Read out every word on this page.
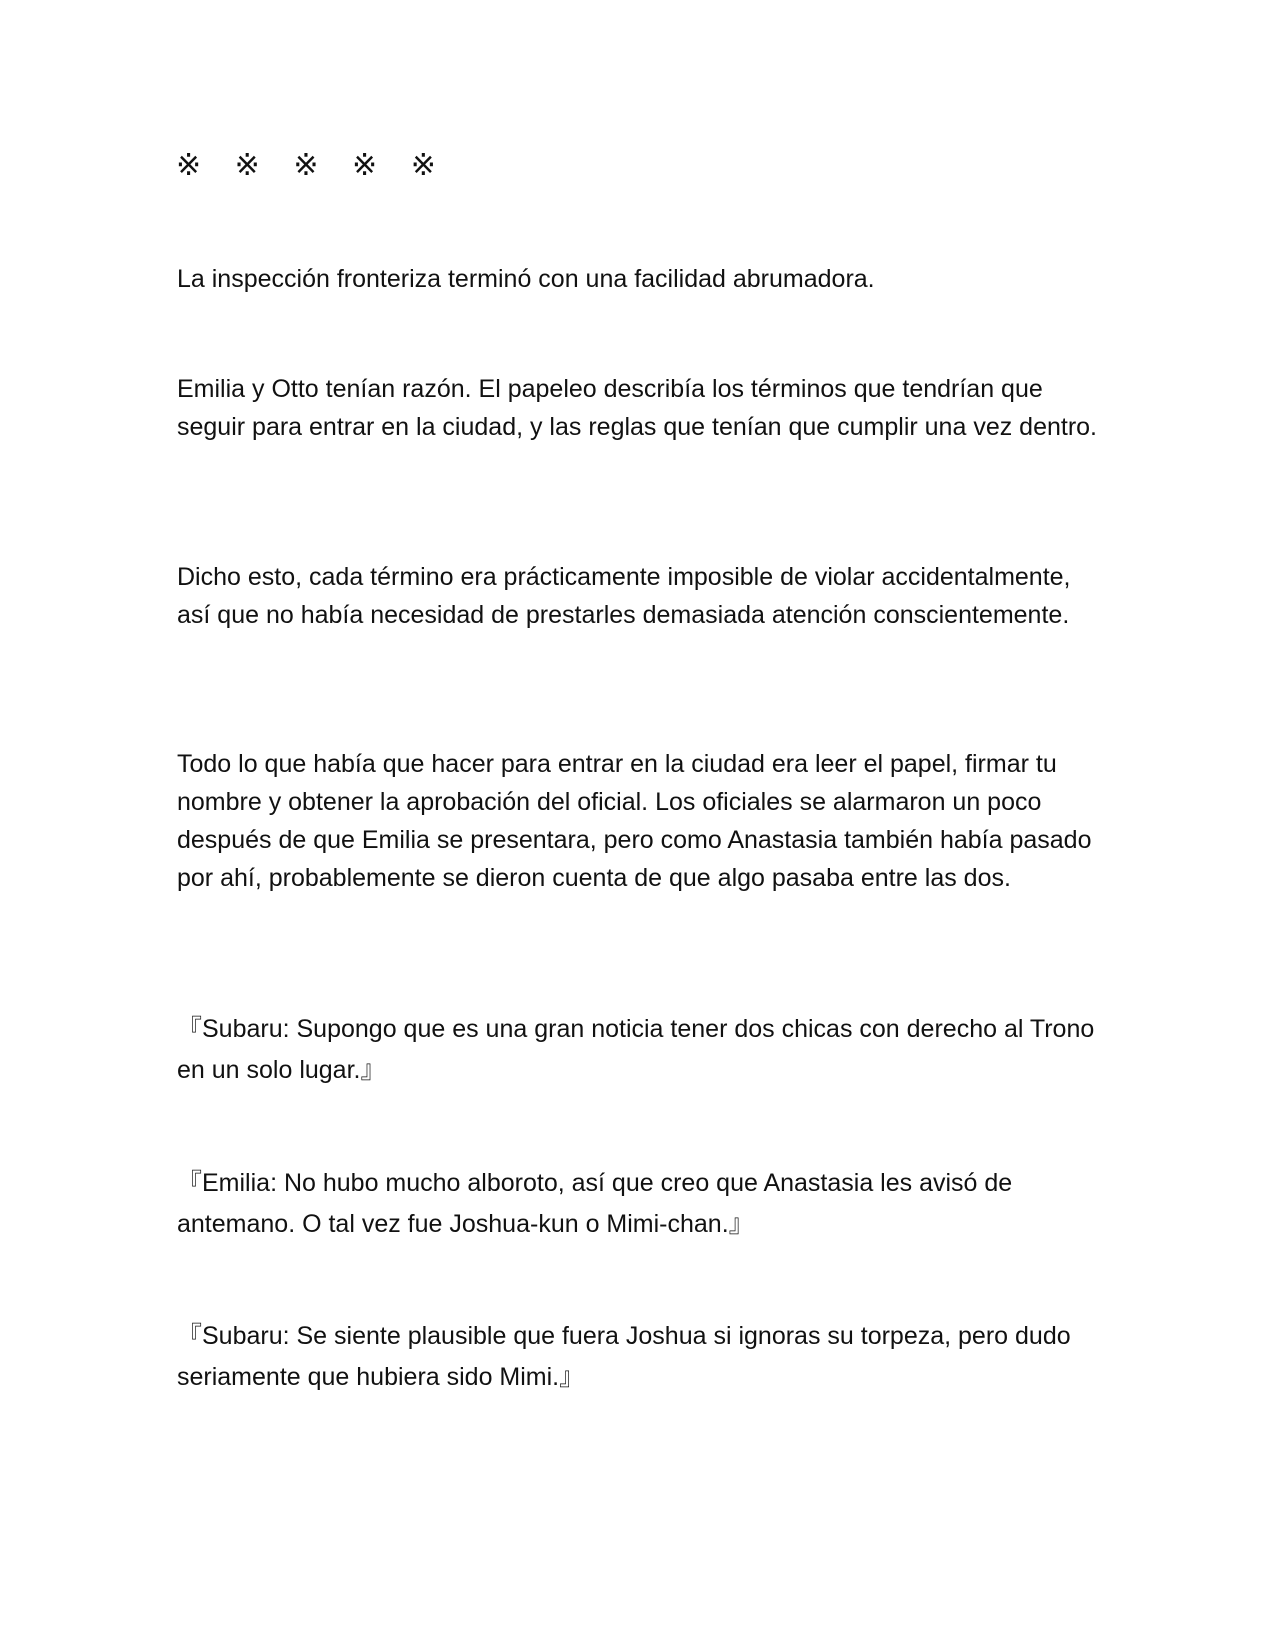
※ ※ ※ ※ ※

La inspección fronteriza terminó con una facilidad abrumadora.

Emilia y Otto tenían razón. El papeleo describía los términos que tendrían que seguir para entrar en la ciudad, y las reglas que tenían que cumplir una vez dentro.

Dicho esto, cada término era prácticamente imposible de violar accidentalmente, así que no había necesidad de prestarles demasiada atención conscientemente.

Todo lo que había que hacer para entrar en la ciudad era leer el papel, firmar tu nombre y obtener la aprobación del oficial. Los oficiales se alarmaron un poco después de que Emilia se presentara, pero como Anastasia también había pasado por ahí, probablemente se dieron cuenta de que algo pasaba entre las dos.

『Subaru: Supongo que es una gran noticia tener dos chicas con derecho al Trono en un solo lugar.』

『Emilia: No hubo mucho alboroto, así que creo que Anastasia les avisó de antemano. O tal vez fue Joshua-kun o Mimi-chan.』

『Subaru: Se siente plausible que fuera Joshua si ignoras su torpeza, pero dudo seriamente que hubiera sido Mimi.』
